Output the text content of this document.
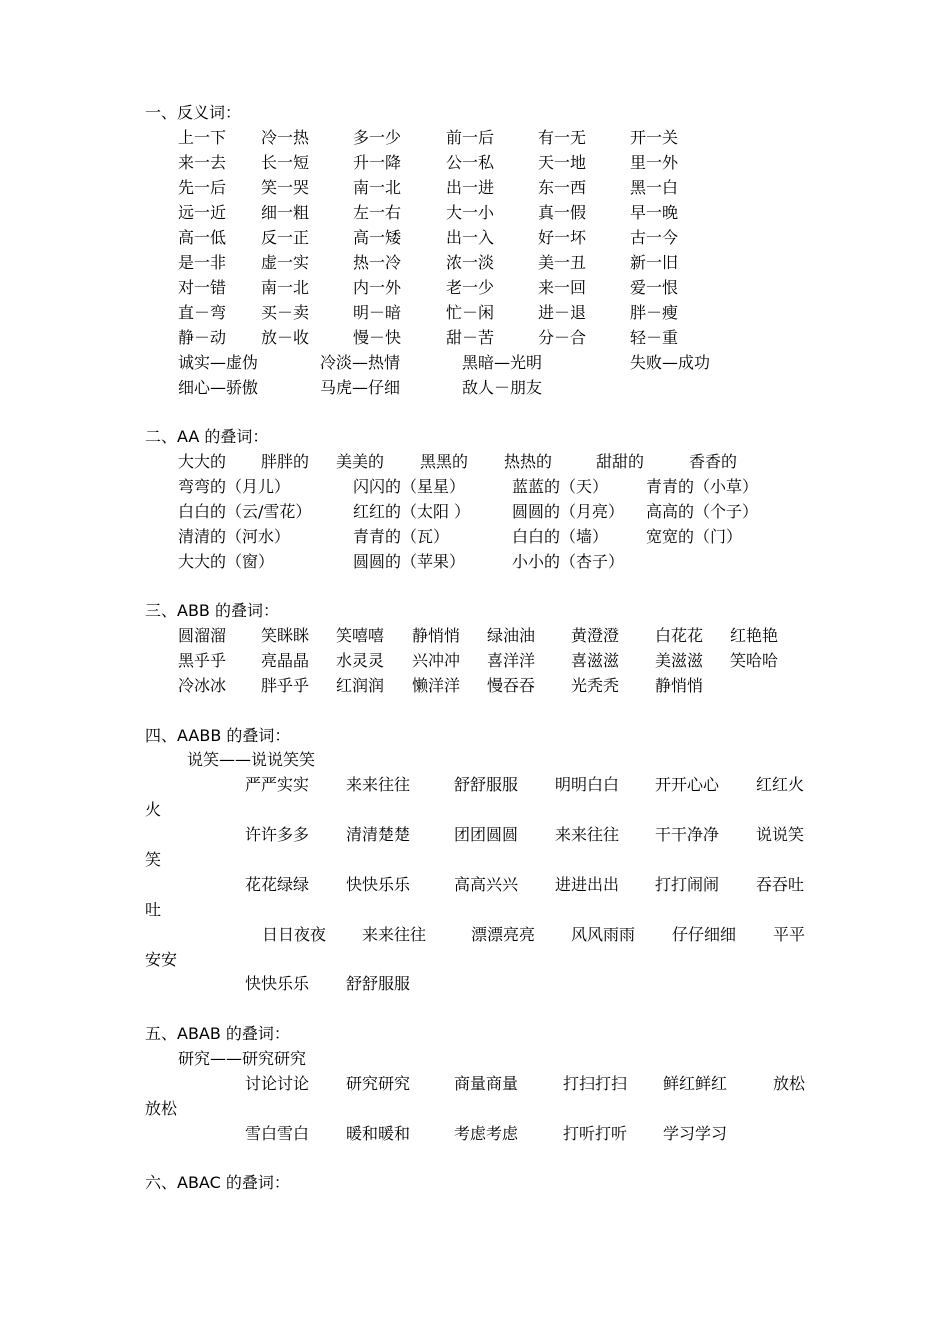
一、反义词：
上一下 冷一热	多一少	前一后	有一无	开一关
来一去 长一短	升一降	公一私	天一地	里一外
先一后 笑一哭	南一北	出一进	东一西	黑一白
远一近 细一粗	左一右	大一小	真一假	早一晚
高一低 反一正	高一矮	出一入	好一坏	古一今
是一非 虚一实	热一冷	浓一淡	美一丑	新一旧
对一错 南一北	内一外	老一少	来一回	爱一恨
直－弯 买－卖	明－暗	忙－闲	进－退	胖－瘦
静－动 放－收	慢－快	甜－苦	分－合	轻－重
诚实—虚伪	冷淡—热情	黑暗—光明	失败—成功
细心—骄傲	马虎—仔细	敌人－朋友
二、AA 的叠词：
大大的 胖胖的 美美的 黑黑的 热热的	甜甜的	香香的
弯弯的（月儿）	闪闪的（星星）	蓝蓝的（天） 青青的（小草）
白白的（云/雪花）	红红的（太阳 ）	圆圆的（月亮） 高高的（个子）
清清的（河水）	青青的（瓦）	白白的（墙） 宽宽的（门）
大大的（窗）	圆圆的（苹果）	小小的（杏子）
三、ABB 的叠词：
圆溜溜 笑眯眯 笑嘻嘻 静悄悄 绿油油 黄澄澄 白花花 红艳艳
黑乎乎 亮晶晶 水灵灵 兴冲冲 喜洋洋 喜滋滋 美滋滋 笑哈哈
冷冰冰 胖乎乎 红润润 懒洋洋 慢吞吞 光秃秃 静悄悄
四、AABB 的叠词：
说笑——说说笑笑
严严实实 来来往往	舒舒服服 明明白白 开开心心 红红火
火
许许多多 清清楚楚	团团圆圆 来来往往 干干净净 说说笑
笑
花花绿绿 快快乐乐	高高兴兴 进进出出 打打闹闹 吞吞吐
吐
日日夜夜 来来往往	漂漂亮亮 风风雨雨 仔仔细细 平平
安安
快快乐乐 舒舒服服
五、ABAB 的叠词：
研究——研究研究
讨论讨论 研究研究	商量商量	打扫打扫 鲜红鲜红	放松
放松
雪白雪白 暖和暖和	考虑考虑	打听打听 学习学习
六、ABAC 的叠词：
